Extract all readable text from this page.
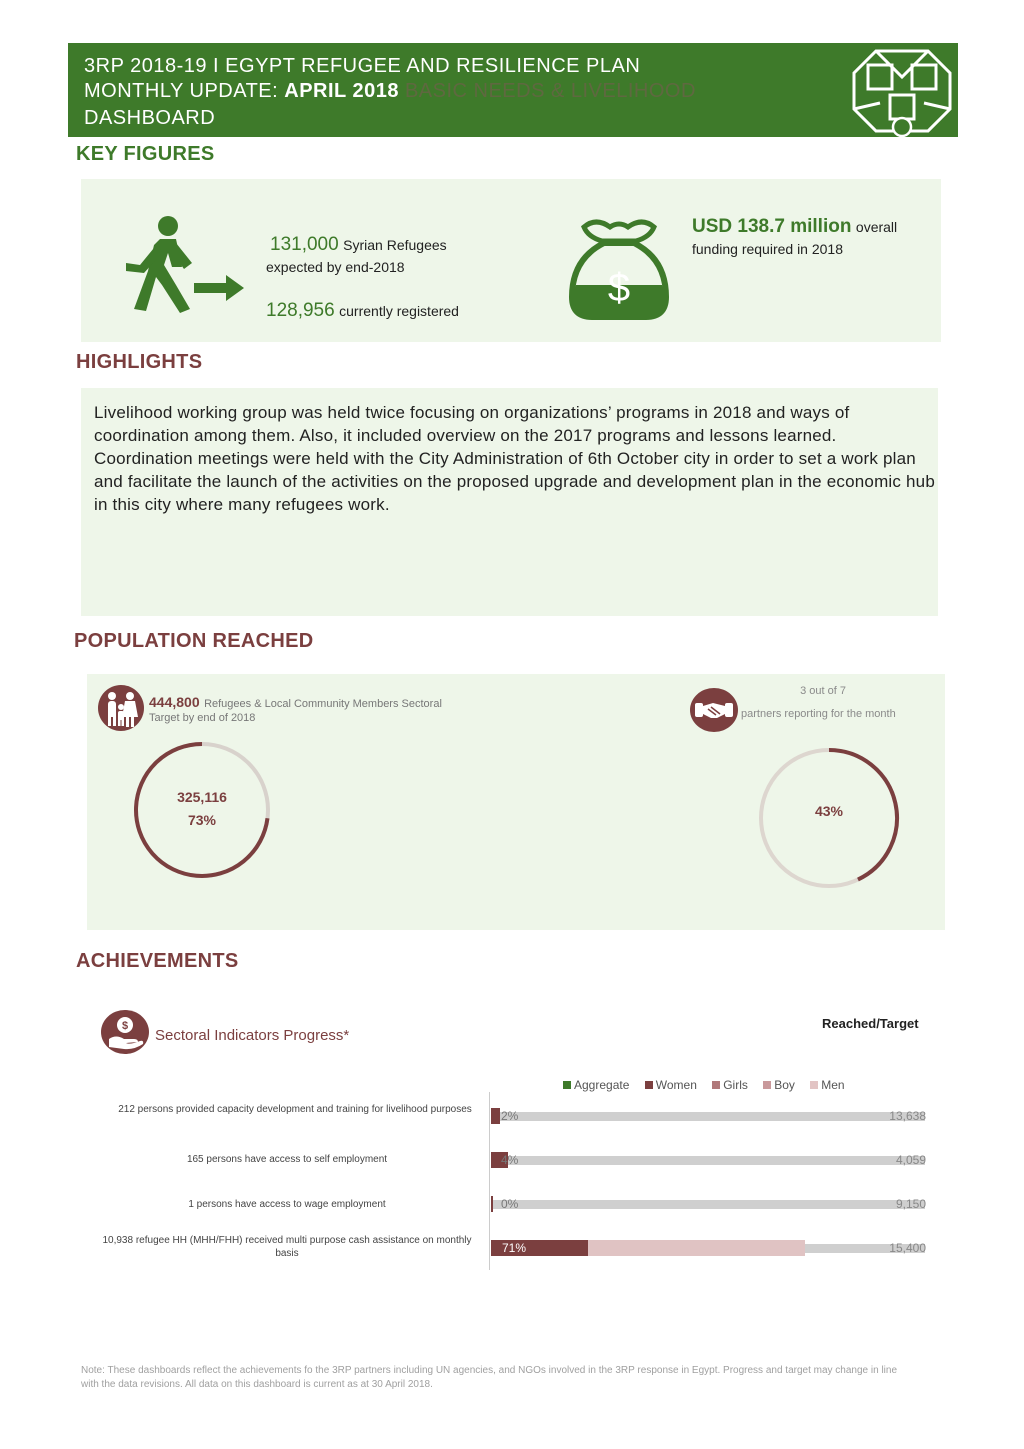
3RP 2018-19 I EGYPT REFUGEE AND RESILIENCE PLAN
MONTHLY UPDATE: APRIL 2018 BASIC NEEDS & LIVELIHOOD
DASHBOARD
KEY FIGURES
131,000 Syrian Refugees
expected by end-2018
128,956 currently registered
$
USD 138.7 million overall
funding required in 2018
HIGHLIGHTS
Livelihood working group was held twice focusing on organizations’ programs in 2018 and ways of coordination among them. Also, it included overview on the 2017 programs and lessons learned. Coordination meetings were held with the City Administration of 6th October city in order to set a work plan and facilitate the launch of the activities on the proposed upgrade and development plan in the economic hub in this city where many refugees work.
POPULATION REACHED
444,800 Refugees & Local Community Members Sectoral
Target by end of 2018
325,116
73%
3 out of 7
partners reporting for the month
43%
ACHIEVEMENTS
$
Sectoral Indicators Progress*
Reached/Target
Aggregate
Women
Girls
Boy
Men
212 persons provided capacity development and training for livelihood purposes	2%	13,638
165 persons have access to self employment	4%	4,059
1 persons have access to wage employment	0%	9,150
10,938 refugee HH (MHH/FHH) received multi purpose cash assistance on monthly basis	71%	15,400
Note: These dashboards reflect the achievements fo the 3RP partners including UN agencies, and NGOs involved in the 3RP response in Egypt. Progress and target may change in line with the data revisions. All data on this dashboard is current as at 30 April 2018.
